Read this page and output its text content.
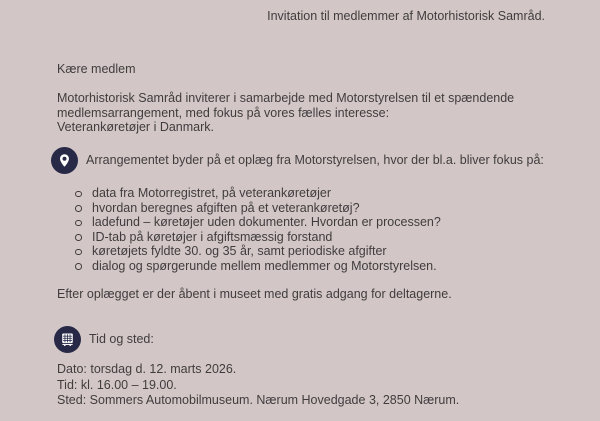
Invitation til medlemmer af Motorhistorisk Samråd.
Kære medlem
Motorhistorisk Samråd inviterer i samarbejde med Motorstyrelsen til et spændende
medlemsarrangement, med fokus på vores fælles interesse:
Veterankøretøjer i Danmark.
Arrangementet byder på et oplæg fra Motorstyrelsen, hvor der bl.a. bliver fokus på:
data fra Motorregistret, på veterankøretøjer
hvordan beregnes afgiften på et veterankøretøj?
ladefund – køretøjer uden dokumenter. Hvordan er processen?
ID-tab på køretøjer i afgiftsmæssig forstand
køretøjets fyldte 30. og 35 år, samt periodiske afgifter
dialog og spørgerunde mellem medlemmer og Motorstyrelsen.
Efter oplægget er der åbent i museet med gratis adgang for deltagerne.
Tid og sted:
Dato: torsdag d. 12. marts 2026.
Tid: kl. 16.00 – 19.00.
Sted: Sommers Automobilmuseum. Nærum Hovedgade 3, 2850 Nærum.
